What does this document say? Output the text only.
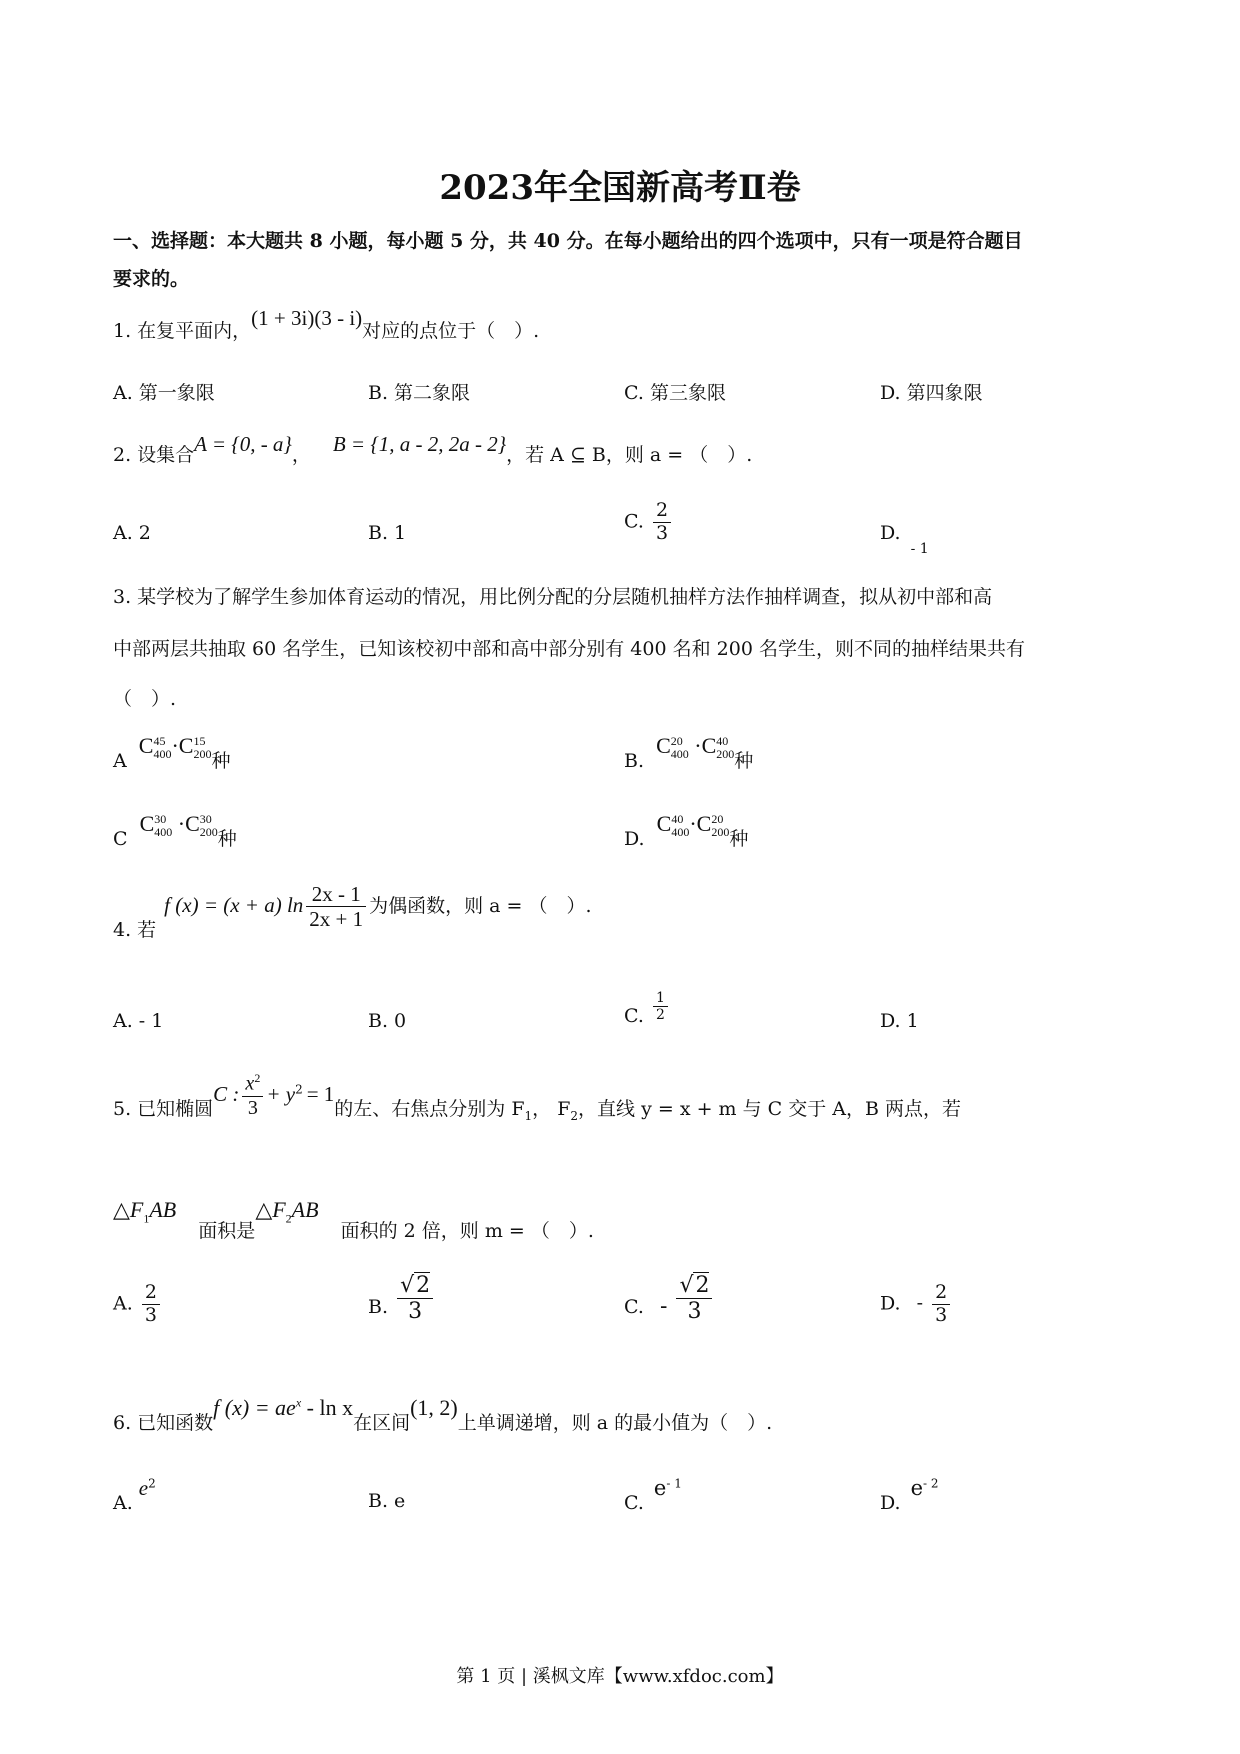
2023年全国新高考Ⅱ卷
一、选择题：本大题共 8 小题，每小题 5 分，共 40 分。在每小题给出的四个选项中，只有一项是符合题目
要求的。
1. 在复平面内，(1 + 3i)(3 - i)对应的点位于（　）.
A. 第一象限	B. 第二象限	C. 第三象限	D. 第四象限
2. 设集合A = {0, - a}， B = {1, a - 2, 2a - 2}，若 A ⊆ B，则 a = （　）.
A. 2	B. 1
C. $\frac{2}{3}$	$D._{- 1}$
3. 某学校为了解学生参加体育运动的情况，用比例分配的分层随机抽样方法作抽样调查，拟从初中部和高
中部两层共抽取 60 名学生，已知该校初中部和高中部分别有 400 名和 200 名学生，则不同的抽样结果共有
（　）.
A C 45
400 ·C 15
200 种	B. C 20
400 ·C 40
200 种
C C 30
400 ·C 30
200 种	D. C 40
400 ·C 20
200 种
4. 若f (x) = (x + a) $\ln \frac{2x - 1}{2x + 1}$ 为偶函数，则 a = （　）.
A. - 1	B. 0	C. $\frac{1}{2}$	D. 1
5. 已知椭圆C : $\frac{x^2}{3} + y^2 = 1$的左、右焦点分别为 $F_1$， $F_2$，直线 y = x + m 与 C 交于 A，B 两点，若
$\triangle F_1AB$ 面积是$\triangle F_2AB$ 面积的 2 倍，则 m = （　）.
A. $\frac{2}{3}$	B. $\frac{√2}{3}$	C. - $\frac{√2}{3}$	D. - $\frac{2}{3}$
6. 已知函数f $(x) = ae^x - \ln x$在区间(1, 2)上单调递增，则 a 的最小值为（　）.
$A.e^2$
B. e	$C.e^{- 1}$
$D.e^{- 2}$
第 1 页 | 溪枫文库【www.xfdoc.com】
